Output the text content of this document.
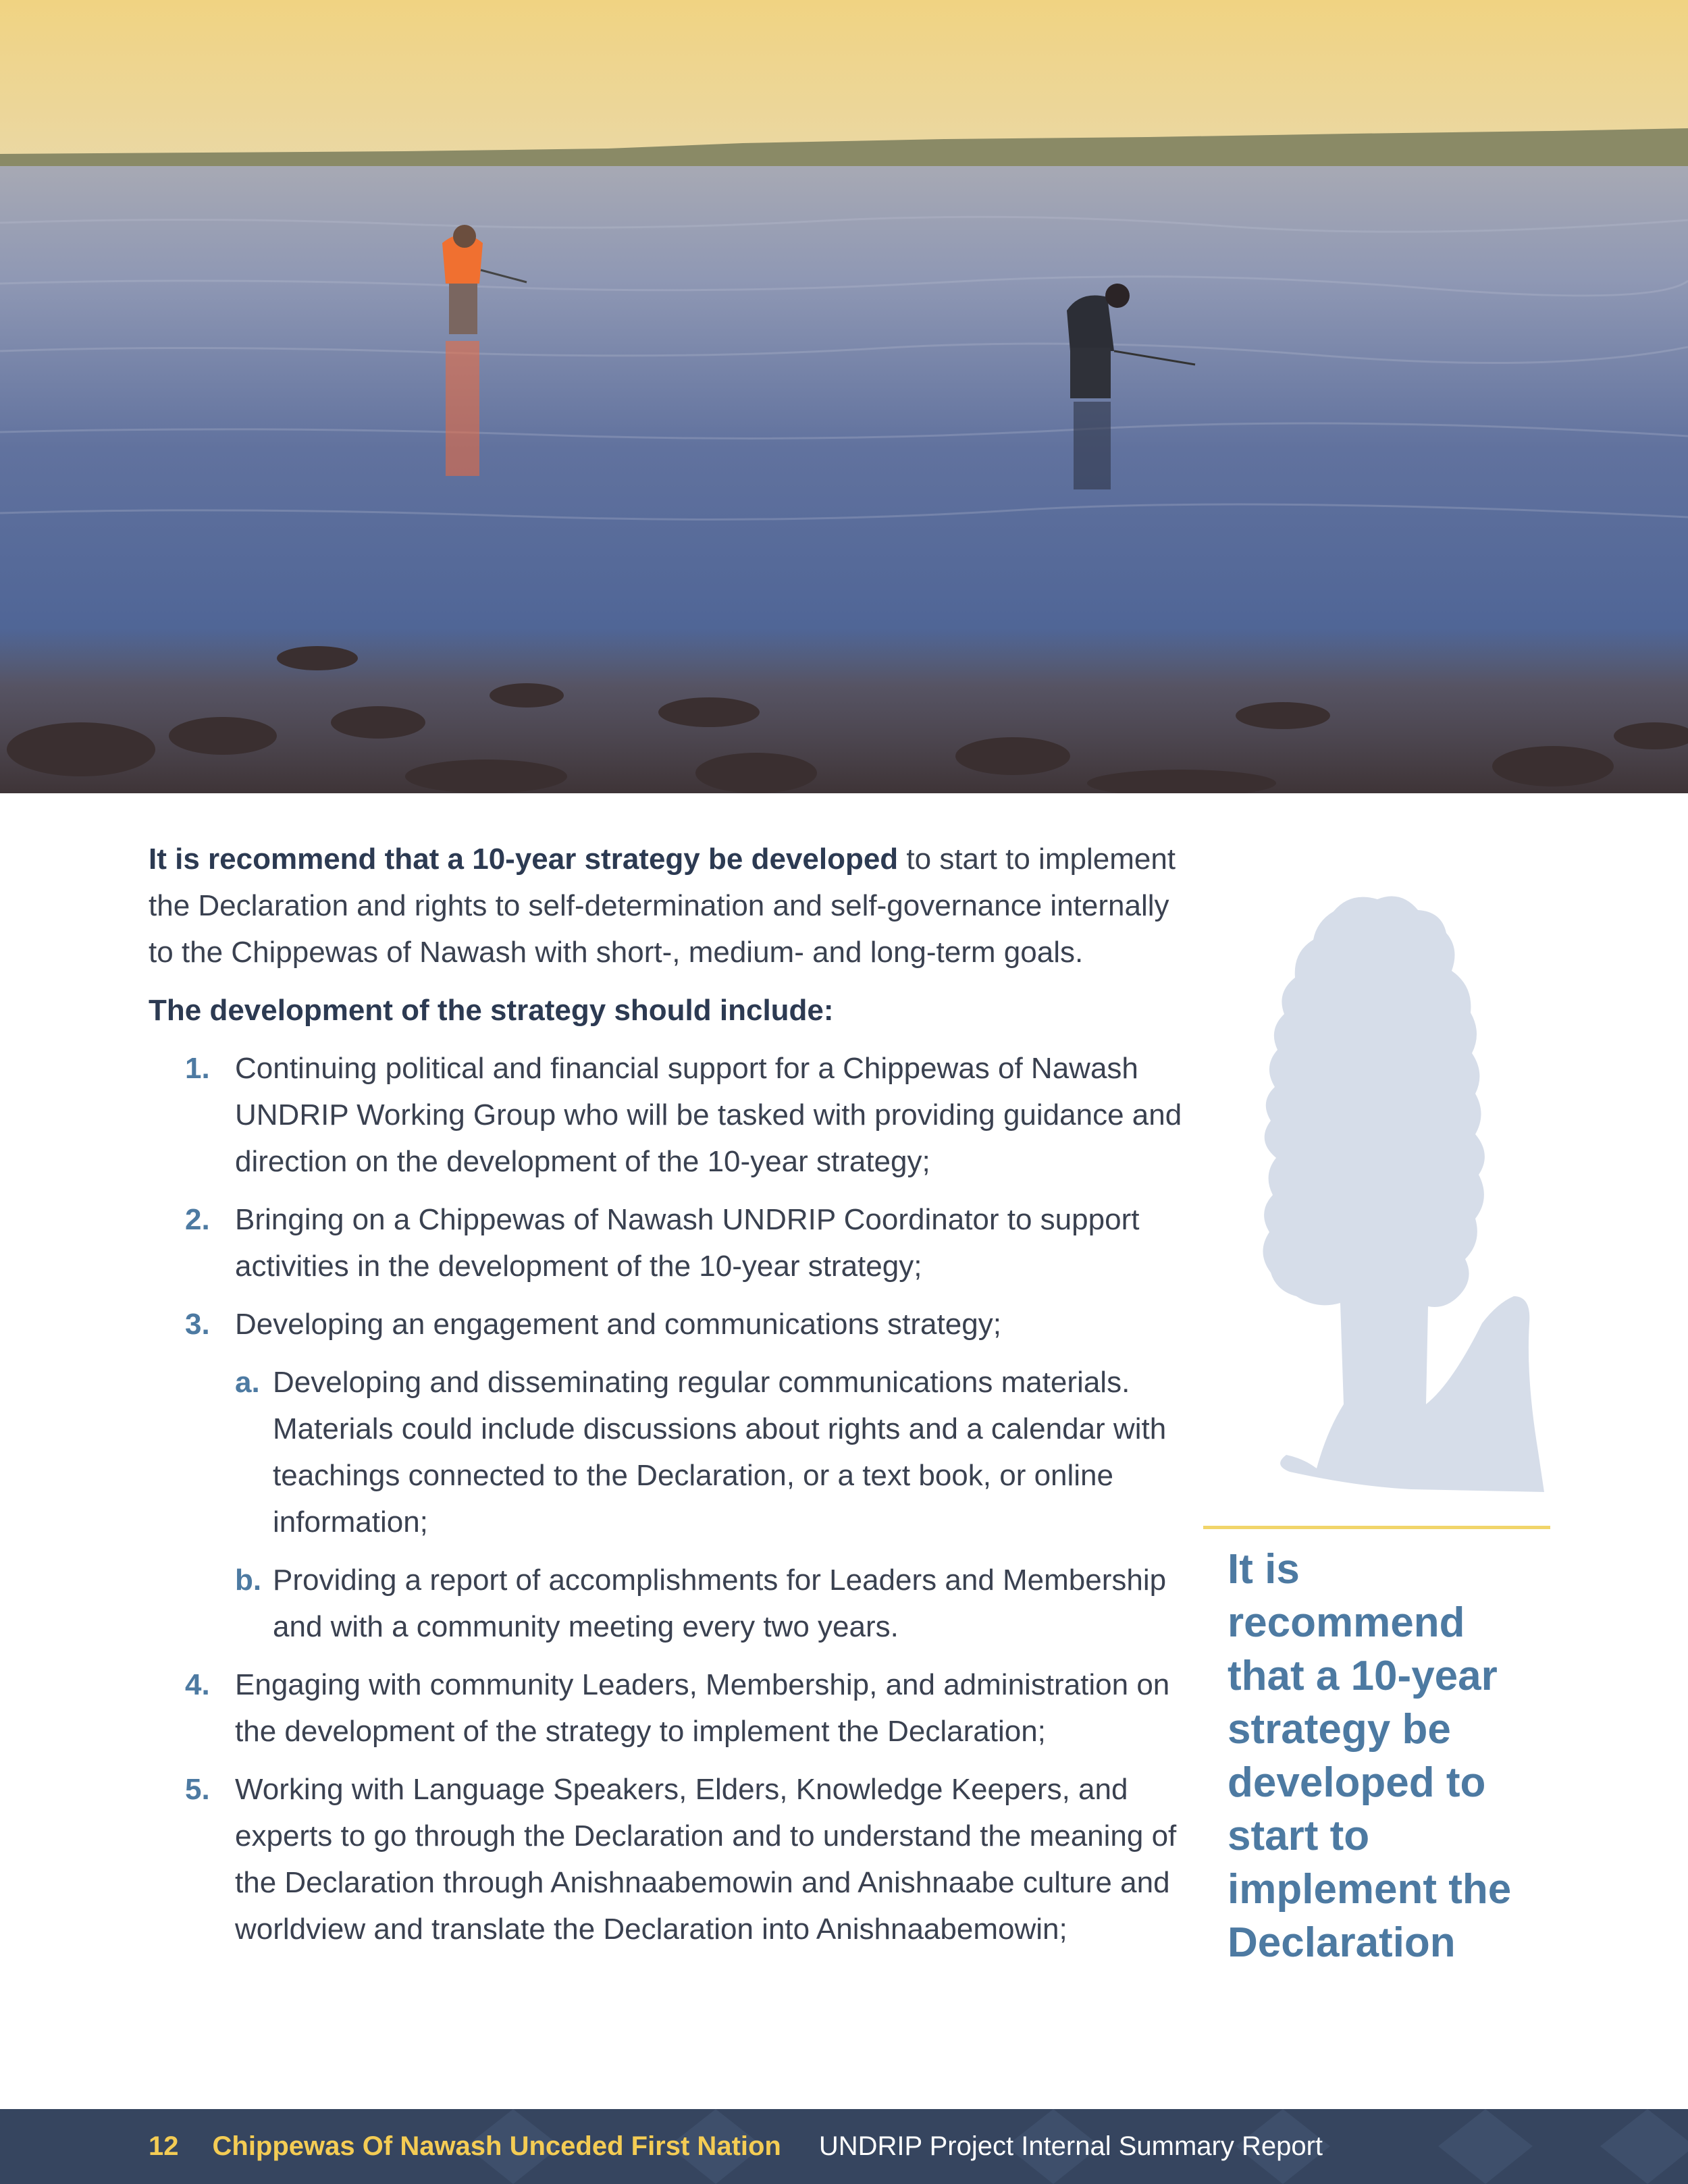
It is recommend that a 10-year strategy be developed to start to implement the Declaration and rights to self-determination and self-governance internally to the Chippewas of Nawash with short-, medium- and long-term goals.

The development of the strategy should include:

1. Continuing political and financial support for a Chippewas of Nawash UNDRIP Working Group who will be tasked with providing guidance and direction on the development of the 10-year strategy;
2. Bringing on a Chippewas of Nawash UNDRIP Coordinator to support activities in the development of the 10-year strategy;
3. Developing an engagement and communications strategy;
a. Developing and disseminating regular communications materials. Materials could include discussions about rights and a calendar with teachings connected to the Declaration, or a text book, or online information;
b. Providing a report of accomplishments for Leaders and Membership and with a community meeting every two years.
4. Engaging with community Leaders, Membership, and administration on the development of the strategy to implement the Declaration;
5. Working with Language Speakers, Elders, Knowledge Keepers, and experts to go through the Declaration and to understand the meaning of the Declaration through Anishnaabemowin and Anishnaabe culture and worldview and translate the Declaration into Anishnaabemowin;
It is recommend that a 10-year strategy be developed to start to implement the Declaration
12 Chippewas Of Nawash Unceded First Nation UNDRIP Project Internal Summary Report
